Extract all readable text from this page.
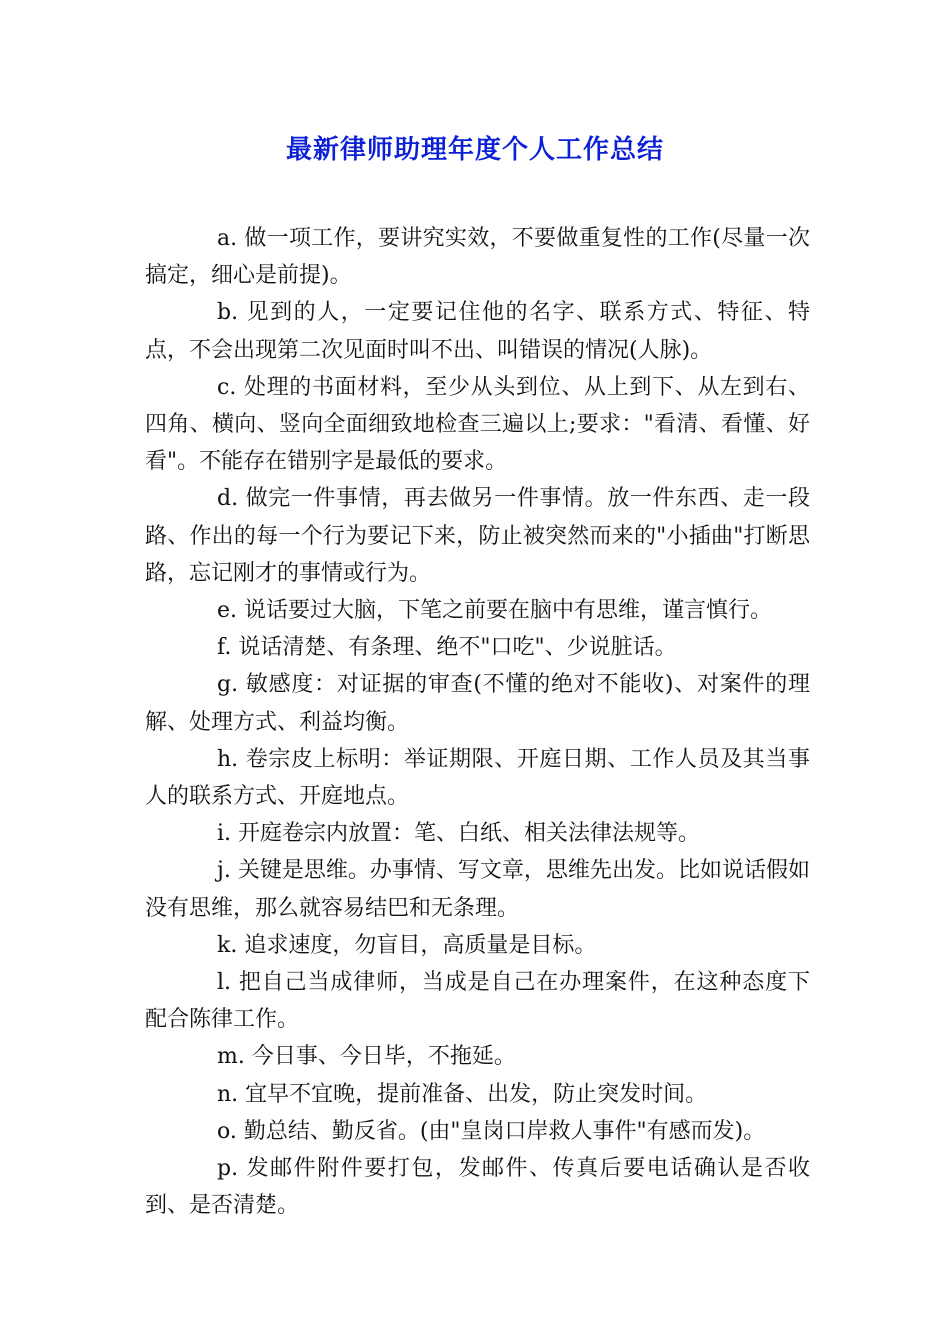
最新律师助理年度个人工作总结

a. 做一项工作，要讲究实效，不要做重复性的工作(尽量一次搞定，细心是前提)。

b. 见到的人，一定要记住他的名字、联系方式、特征、特点，不会出现第二次见面时叫不出、叫错误的情况(人脉)。

c. 处理的书面材料，至少从头到位、从上到下、从左到右、四角、横向、竖向全面细致地检查三遍以上;要求："看清、看懂、好看"。不能存在错别字是最低的要求。

d. 做完一件事情，再去做另一件事情。放一件东西、走一段路、作出的每一个行为要记下来，防止被突然而来的"小插曲"打断思路，忘记刚才的事情或行为。

e. 说话要过大脑，下笔之前要在脑中有思维，谨言慎行。

f. 说话清楚、有条理、绝不"口吃"、少说脏话。

g. 敏感度：对证据的审查(不懂的绝对不能收)、对案件的理解、处理方式、利益均衡。

h. 卷宗皮上标明：举证期限、开庭日期、工作人员及其当事人的联系方式、开庭地点。

i. 开庭卷宗内放置：笔、白纸、相关法律法规等。

j. 关键是思维。办事情、写文章，思维先出发。比如说话假如没有思维，那么就容易结巴和无条理。

k. 追求速度，勿盲目，高质量是目标。

l. 把自己当成律师，当成是自己在办理案件，在这种态度下配合陈律工作。

m. 今日事、今日毕，不拖延。

n. 宜早不宜晚，提前准备、出发，防止突发时间。

o. 勤总结、勤反省。(由"皇岗口岸救人事件"有感而发)。

p. 发邮件附件要打包，发邮件、传真后要电话确认是否收到、是否清楚。
